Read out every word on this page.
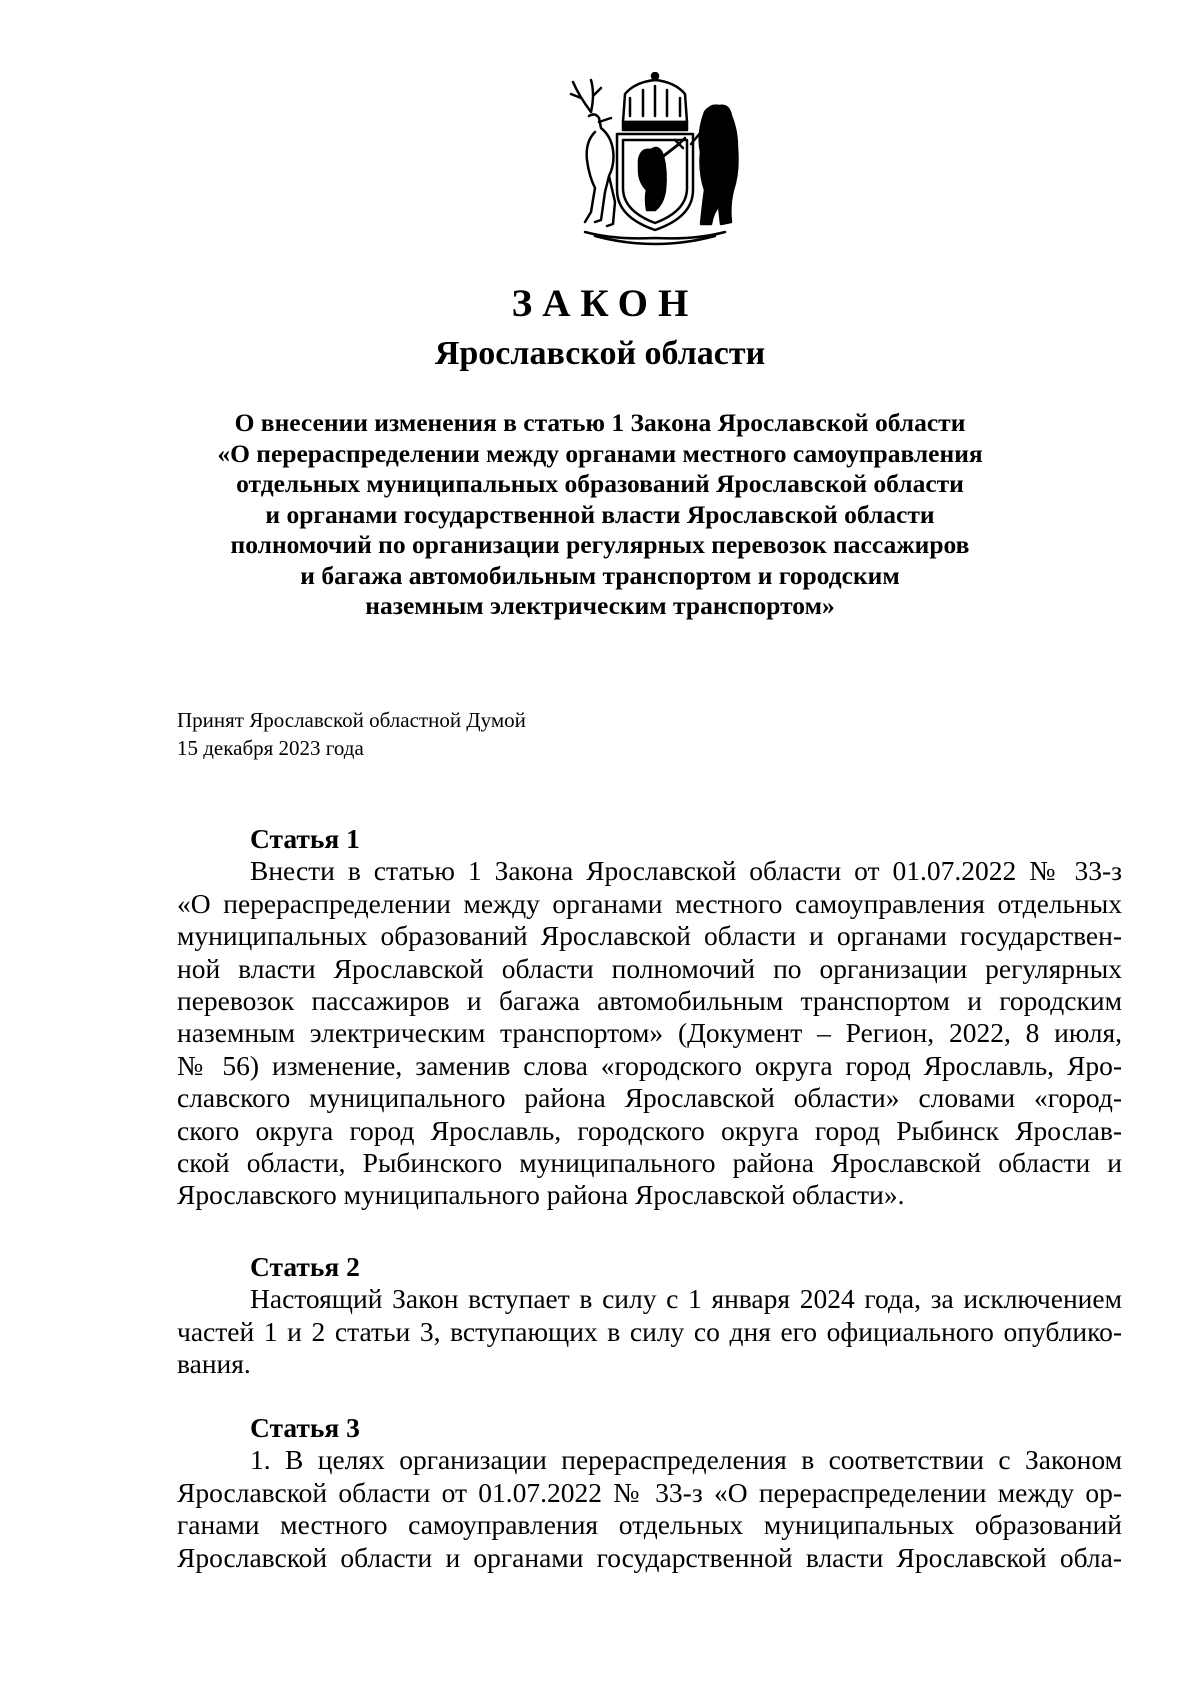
ЗАКОН
Ярославской области
О внесении изменения в статью 1 Закона Ярославской области
«О перераспределении между органами местного самоуправления
отдельных муниципальных образований Ярославской области
и органами государственной власти Ярославской области
полномочий по организации регулярных перевозок пассажиров
и багажа автомобильным транспортом и городским
наземным электрическим транспортом»
Принят Ярославской областной Думой
15 декабря 2023 года
Статья 1
Внести в статью 1 Закона Ярославской области от 01.07.2022 № 33-з
«О перераспределении между органами местного самоуправления отдельных
муниципальных образований Ярославской области и органами государствен-
ной власти Ярославской области полномочий по организации регулярных
перевозок пассажиров и багажа автомобильным транспортом и городским
наземным электрическим транспортом» (Документ – Регион, 2022, 8 июля,
№ 56) изменение, заменив слова «городского округа город Ярославль, Яро-
славского муниципального района Ярославской области» словами «город-
ского округа город Ярославль, городского округа город Рыбинск Ярослав-
ской области, Рыбинского муниципального района Ярославской области и
Ярославского муниципального района Ярославской области».
Статья 2
Настоящий Закон вступает в силу с 1 января 2024 года, за исключением
частей 1 и 2 статьи 3, вступающих в силу со дня его официального опублико-
вания.
Статья 3
1. В целях организации перераспределения в соответствии с Законом
Ярославской области от 01.07.2022 № 33-з «О перераспределении между ор-
ганами местного самоуправления отдельных муниципальных образований
Ярославской области и органами государственной власти Ярославской обла-
